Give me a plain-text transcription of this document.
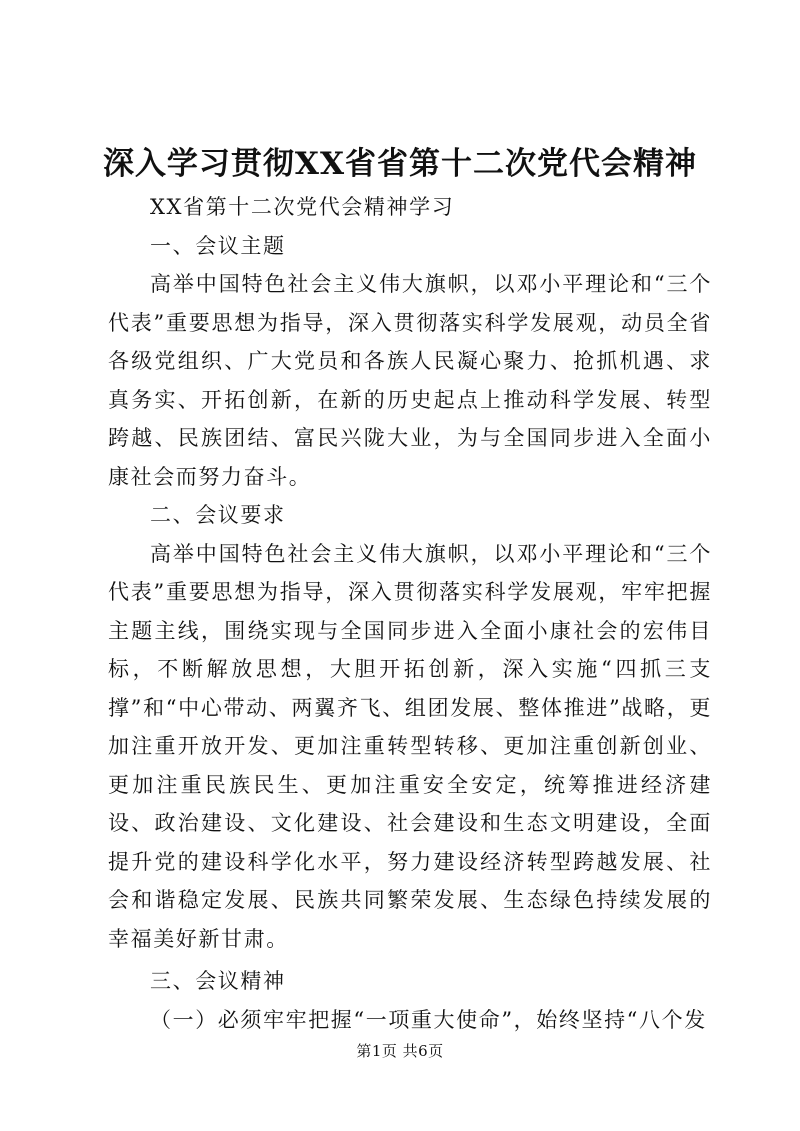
深入学习贯彻XX省省第十二次党代会精神

XX省第十二次党代会精神学习

一、会议主题

高举中国特色社会主义伟大旗帜，以邓小平理论和“三个代表”重要思想为指导，深入贯彻落实科学发展观，动员全省各级党组织、广大党员和各族人民凝心聚力、抢抓机遇、求真务实、开拓创新，在新的历史起点上推动科学发展、转型跨越、民族团结、富民兴陇大业，为与全国同步进入全面小康社会而努力奋斗。

二、会议要求

高举中国特色社会主义伟大旗帜，以邓小平理论和“三个代表”重要思想为指导，深入贯彻落实科学发展观，牢牢把握主题主线，围绕实现与全国同步进入全面小康社会的宏伟目标，不断解放思想，大胆开拓创新，深入实施“四抓三支撑”和“中心带动、两翼齐飞、组团发展、整体推进”战略，更加注重开放开发、更加注重转型转移、更加注重创新创业、更加注重民族民生、更加注重安全安定，统筹推进经济建设、政治建设、文化建设、社会建设和生态文明建设，全面提升党的建设科学化水平，努力建设经济转型跨越发展、社会和谐稳定发展、民族共同繁荣发展、生态绿色持续发展的幸福美好新甘肃。

三、会议精神

（一）必须牢牢把握“一项重大使命”，始终坚持“八个发

第1页 共6页
